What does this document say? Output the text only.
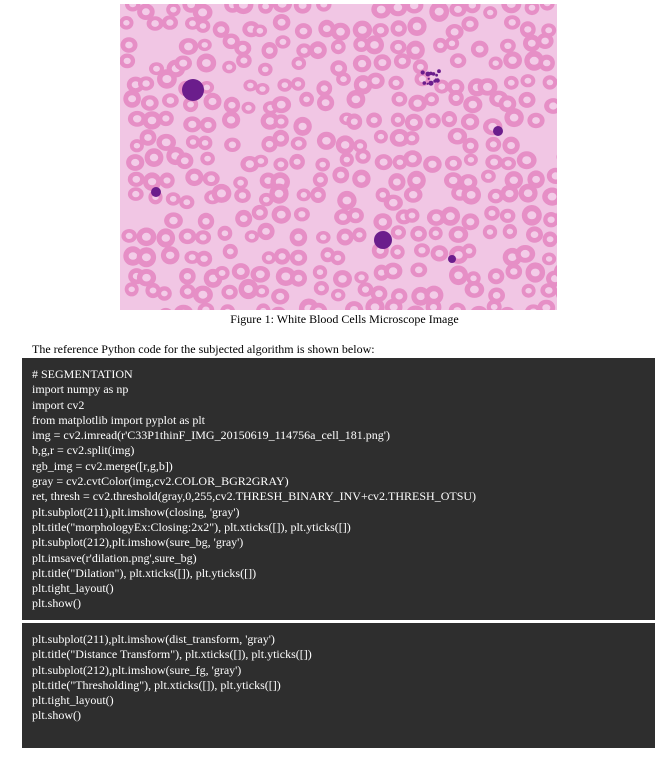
Figure 1: White Blood Cells Microscope Image
The reference Python code for the subjected algorithm is shown below:
# SEGMENTATION
import numpy as np
import cv2
from matplotlib import pyplot as plt
img = cv2.imread(r'C33P1thinF_IMG_20150619_114756a_cell_181.png')
b,g,r = cv2.split(img)
rgb_img = cv2.merge([r,g,b])
gray = cv2.cvtColor(img,cv2.COLOR_BGR2GRAY)
ret, thresh = cv2.threshold(gray,0,255,cv2.THRESH_BINARY_INV+cv2.THRESH_OTSU)
plt.subplot(211),plt.imshow(closing, 'gray')
plt.title("morphologyEx:Closing:2x2"), plt.xticks([]), plt.yticks([])
plt.subplot(212),plt.imshow(sure_bg, 'gray')
plt.imsave(r'dilation.png',sure_bg)
plt.title("Dilation"), plt.xticks([]), plt.yticks([])
plt.tight_layout()
plt.show()
plt.subplot(211),plt.imshow(dist_transform, 'gray')
plt.title("Distance Transform"), plt.xticks([]), plt.yticks([])
plt.subplot(212),plt.imshow(sure_fg, 'gray')
plt.title("Thresholding"), plt.xticks([]), plt.yticks([])
plt.tight_layout()
plt.show()
